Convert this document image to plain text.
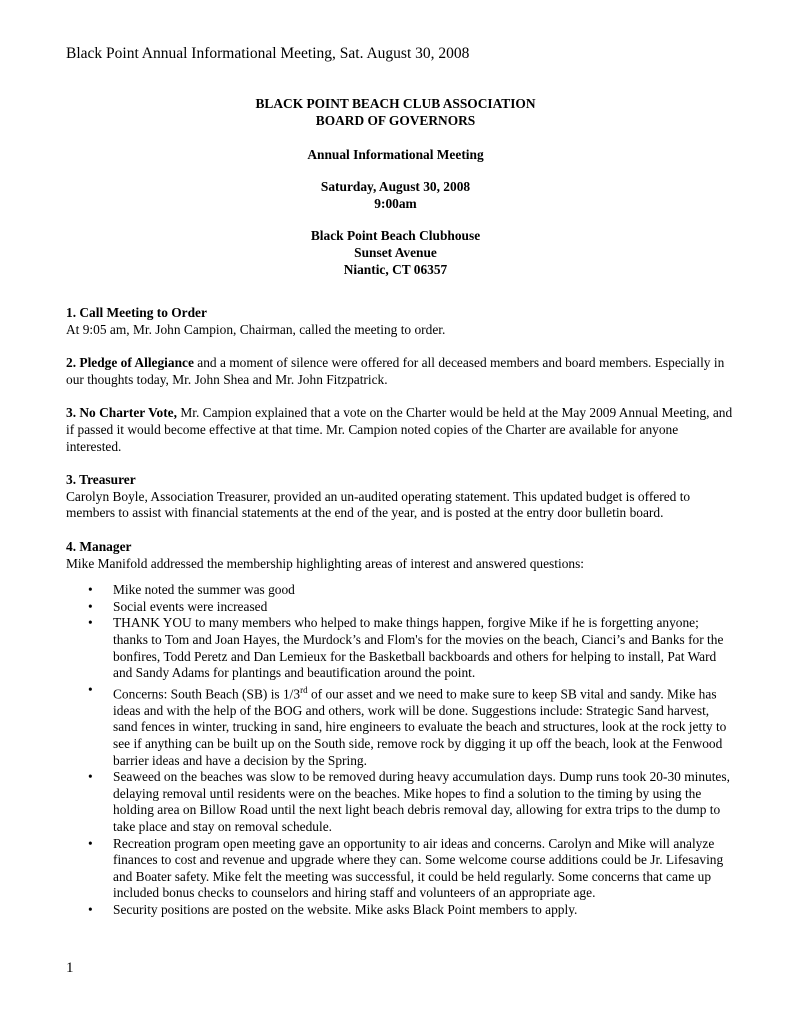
Black Point Annual Informational Meeting, Sat. August 30, 2008
BLACK POINT BEACH CLUB ASSOCIATION
BOARD OF GOVERNORS
Annual Informational Meeting
Saturday, August 30, 2008
9:00am
Black Point Beach Clubhouse
Sunset Avenue
Niantic, CT 06357

1. Call Meeting to Order
At 9:05 am, Mr. John Campion, Chairman, called the meeting to order.

2. Pledge of Allegiance and a moment of silence were offered for all deceased members and board members. Especially in our thoughts today, Mr. John Shea and Mr. John Fitzpatrick.

3. No Charter Vote, Mr. Campion explained that a vote on the Charter would be held at the May 2009 Annual Meeting, and if passed it would become effective at that time. Mr. Campion noted copies of the Charter are available for anyone interested.

3. Treasurer
Carolyn Boyle, Association Treasurer, provided an un-audited operating statement. This updated budget is offered to members to assist with financial statements at the end of the year, and is posted at the entry door bulletin board.

4. Manager
Mike Manifold addressed the membership highlighting areas of interest and answered questions:
• Mike noted the summer was good
• Social events were increased
• THANK YOU to many members who helped to make things happen, forgive Mike if he is forgetting anyone; thanks to Tom and Joan Hayes, the Murdock’s and Flom's for the movies on the beach, Cianci’s and Banks for the bonfires, Todd Peretz and Dan Lemieux for the Basketball backboards and others for helping to install, Pat Ward and Sandy Adams for plantings and beautification around the point.
• Concerns: South Beach (SB) is 1/3rd of our asset and we need to make sure to keep SB vital and sandy. Mike has ideas and with the help of the BOG and others, work will be done. Suggestions include: Strategic Sand harvest, sand fences in winter, trucking in sand, hire engineers to evaluate the beach and structures, look at the rock jetty to see if anything can be built up on the South side, remove rock by digging it up off the beach, look at the Fenwood barrier ideas and have a decision by the Spring.
• Seaweed on the beaches was slow to be removed during heavy accumulation days. Dump runs took 20-30 minutes, delaying removal until residents were on the beaches. Mike hopes to find a solution to the timing by using the holding area on Billow Road until the next light beach debris removal day, allowing for extra trips to the dump to take place and stay on removal schedule.
• Recreation program open meeting gave an opportunity to air ideas and concerns. Carolyn and Mike will analyze finances to cost and revenue and upgrade where they can. Some welcome course additions could be Jr. Lifesaving and Boater safety. Mike felt the meeting was successful, it could be held regularly. Some concerns that came up included bonus checks to counselors and hiring staff and volunteers of an appropriate age.
• Security positions are posted on the website. Mike asks Black Point members to apply.
1
